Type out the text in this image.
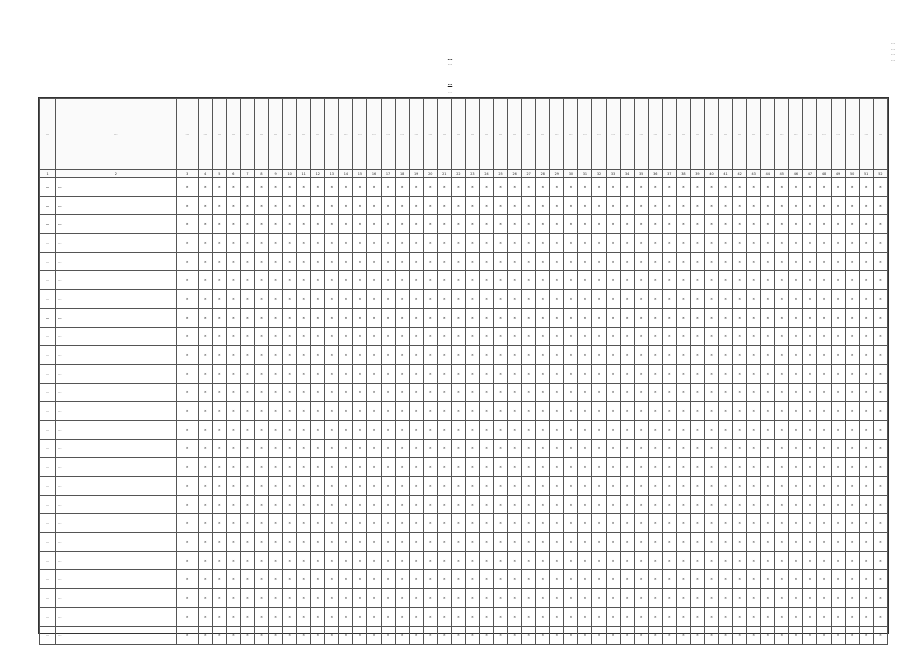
…
…
…
…
…
…
…
…
…	…	…	…	…	…	…	…	…	…	…	…	…	…	…	…	…	…	…	…	…	…	…	…	…	…	…	…	…	…	…	…	…	…	…	…	…	…	…	…	…	…	…	…	…	…	…	…	…	…	…	…
1	2	3	4	5	6	7	8	9	10	11	12	13	14	15	16	17	18	19	20	21	22	23	24	25	26	27	28	29	30	31	32	33	34	35	36	37	38	39	40	41	42	43	44	45	46	47	48	49	50	51	52
…	…	×	×	×	×	×	×	×	×	×	×	×	×	×	×	×	×	×	×	×	×	×	×	×	×	×	×	×	×	×	×	×	×	×	×	×	×	×	×	×	×	×	×	×	×	×	×	×	×	×	×
…	…	×	×	×	×	×	×	×	×	×	×	×	×	×	×	×	×	×	×	×	×	×	×	×	×	×	×	×	×	×	×	×	×	×	×	×	×	×	×	×	×	×	×	×	×	×	×	×	×	×	×
…	…	×	×	×	×	×	×	×	×	×	×	×	×	×	×	×	×	×	×	×	×	×	×	×	×	×	×	×	×	×	×	×	×	×	×	×	×	×	×	×	×	×	×	×	×	×	×	×	×	×	×
…	…	×	×	×	×	×	×	×	×	×	×	×	×	×	×	×	×	×	×	×	×	×	×	×	×	×	×	×	×	×	×	×	×	×	×	×	×	×	×	×	×	×	×	×	×	×	×	×	×	×	×
…	…	×	×	×	×	×	×	×	×	×	×	×	×	×	×	×	×	×	×	×	×	×	×	×	×	×	×	×	×	×	×	×	×	×	×	×	×	×	×	×	×	×	×	×	×	×	×	×	×	×	×
…	…	×	×	×	×	×	×	×	×	×	×	×	×	×	×	×	×	×	×	×	×	×	×	×	×	×	×	×	×	×	×	×	×	×	×	×	×	×	×	×	×	×	×	×	×	×	×	×	×	×	×
…	…	×	×	×	×	×	×	×	×	×	×	×	×	×	×	×	×	×	×	×	×	×	×	×	×	×	×	×	×	×	×	×	×	×	×	×	×	×	×	×	×	×	×	×	×	×	×	×	×	×	×
…	…	×	×	×	×	×	×	×	×	×	×	×	×	×	×	×	×	×	×	×	×	×	×	×	×	×	×	×	×	×	×	×	×	×	×	×	×	×	×	×	×	×	×	×	×	×	×	×	×	×	×
…	…	×	×	×	×	×	×	×	×	×	×	×	×	×	×	×	×	×	×	×	×	×	×	×	×	×	×	×	×	×	×	×	×	×	×	×	×	×	×	×	×	×	×	×	×	×	×	×	×	×	×
…	…	×	×	×	×	×	×	×	×	×	×	×	×	×	×	×	×	×	×	×	×	×	×	×	×	×	×	×	×	×	×	×	×	×	×	×	×	×	×	×	×	×	×	×	×	×	×	×	×	×	×
…	…	×	×	×	×	×	×	×	×	×	×	×	×	×	×	×	×	×	×	×	×	×	×	×	×	×	×	×	×	×	×	×	×	×	×	×	×	×	×	×	×	×	×	×	×	×	×	×	×	×	×
…	…	×	×	×	×	×	×	×	×	×	×	×	×	×	×	×	×	×	×	×	×	×	×	×	×	×	×	×	×	×	×	×	×	×	×	×	×	×	×	×	×	×	×	×	×	×	×	×	×	×	×
…	…	×	×	×	×	×	×	×	×	×	×	×	×	×	×	×	×	×	×	×	×	×	×	×	×	×	×	×	×	×	×	×	×	×	×	×	×	×	×	×	×	×	×	×	×	×	×	×	×	×	×
…	…	×	×	×	×	×	×	×	×	×	×	×	×	×	×	×	×	×	×	×	×	×	×	×	×	×	×	×	×	×	×	×	×	×	×	×	×	×	×	×	×	×	×	×	×	×	×	×	×	×	×
…	…	×	×	×	×	×	×	×	×	×	×	×	×	×	×	×	×	×	×	×	×	×	×	×	×	×	×	×	×	×	×	×	×	×	×	×	×	×	×	×	×	×	×	×	×	×	×	×	×	×	×
…	…	×	×	×	×	×	×	×	×	×	×	×	×	×	×	×	×	×	×	×	×	×	×	×	×	×	×	×	×	×	×	×	×	×	×	×	×	×	×	×	×	×	×	×	×	×	×	×	×	×	×
…	…	×	×	×	×	×	×	×	×	×	×	×	×	×	×	×	×	×	×	×	×	×	×	×	×	×	×	×	×	×	×	×	×	×	×	×	×	×	×	×	×	×	×	×	×	×	×	×	×	×	×
…	…	×	×	×	×	×	×	×	×	×	×	×	×	×	×	×	×	×	×	×	×	×	×	×	×	×	×	×	×	×	×	×	×	×	×	×	×	×	×	×	×	×	×	×	×	×	×	×	×	×	×
…	…	×	×	×	×	×	×	×	×	×	×	×	×	×	×	×	×	×	×	×	×	×	×	×	×	×	×	×	×	×	×	×	×	×	×	×	×	×	×	×	×	×	×	×	×	×	×	×	×	×	×
…	…	×	×	×	×	×	×	×	×	×	×	×	×	×	×	×	×	×	×	×	×	×	×	×	×	×	×	×	×	×	×	×	×	×	×	×	×	×	×	×	×	×	×	×	×	×	×	×	×	×	×
…	…	×	×	×	×	×	×	×	×	×	×	×	×	×	×	×	×	×	×	×	×	×	×	×	×	×	×	×	×	×	×	×	×	×	×	×	×	×	×	×	×	×	×	×	×	×	×	×	×	×	×
…	…	×	×	×	×	×	×	×	×	×	×	×	×	×	×	×	×	×	×	×	×	×	×	×	×	×	×	×	×	×	×	×	×	×	×	×	×	×	×	×	×	×	×	×	×	×	×	×	×	×	×
…	…	×	×	×	×	×	×	×	×	×	×	×	×	×	×	×	×	×	×	×	×	×	×	×	×	×	×	×	×	×	×	×	×	×	×	×	×	×	×	×	×	×	×	×	×	×	×	×	×	×	×
…	…	×	×	×	×	×	×	×	×	×	×	×	×	×	×	×	×	×	×	×	×	×	×	×	×	×	×	×	×	×	×	×	×	×	×	×	×	×	×	×	×	×	×	×	×	×	×	×	×	×	×
…	…	×	×	×	×	×	×	×	×	×	×	×	×	×	×	×	×	×	×	×	×	×	×	×	×	×	×	×	×	×	×	×	×	×	×	×	×	×	×	×	×	×	×	×	×	×	×	×	×	×	×
